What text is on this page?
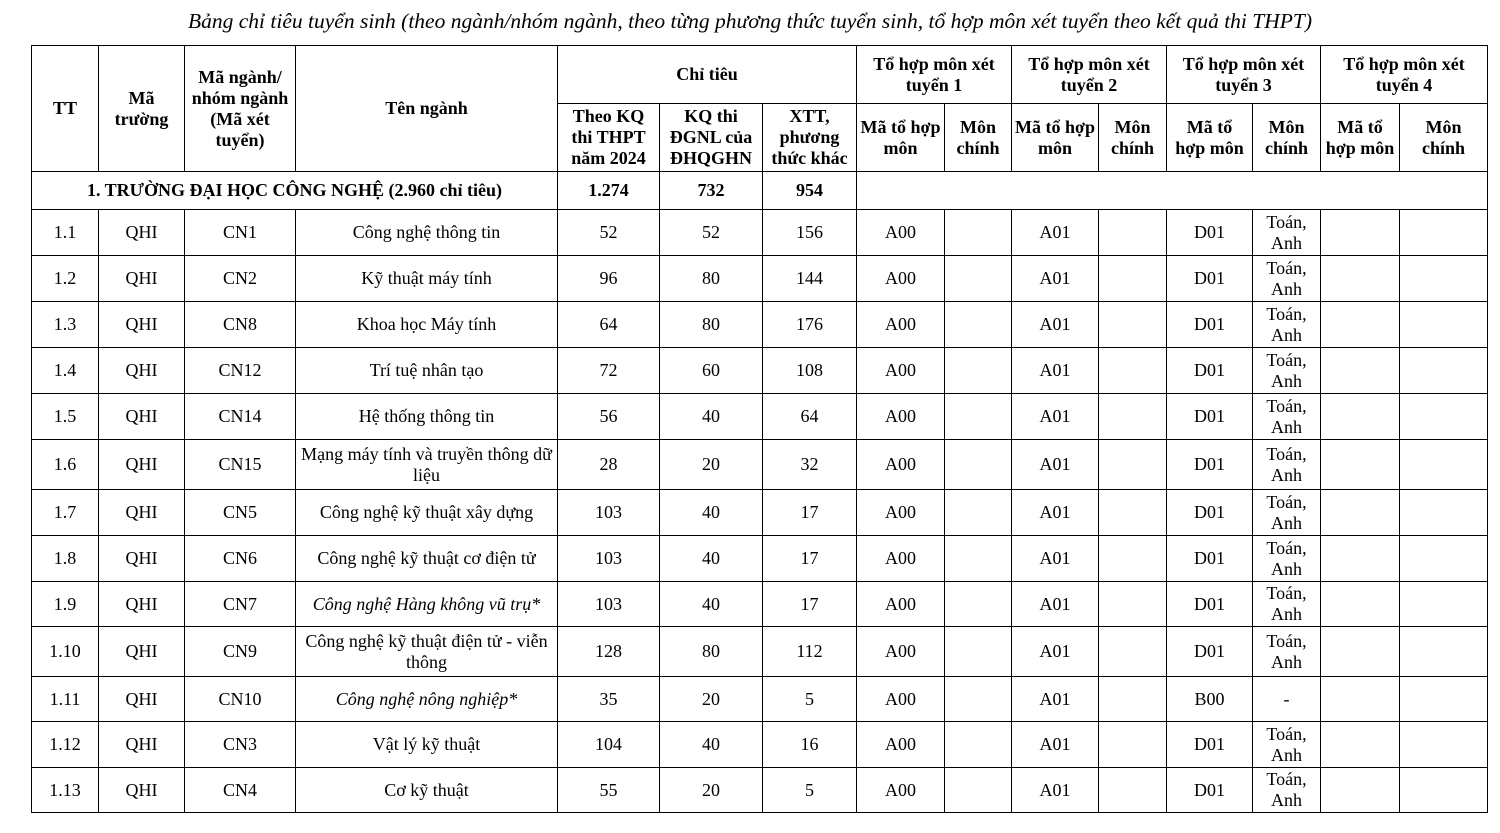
Bảng chỉ tiêu tuyển sinh (theo ngành/nhóm ngành, theo từng phương thức tuyển sinh, tổ hợp môn xét tuyển theo kết quả thi THPT)
TT	Mã trường	Mã ngành/ nhóm ngành (Mã xét tuyển)	Tên ngành	Chỉ tiêu			Tổ hợp môn xét tuyển 1		Tổ hợp môn xét tuyển 2		Tổ hợp môn xét tuyển 3		Tổ hợp môn xét tuyển 4	
				Theo KQ thi THPT năm 2024	KQ thi ĐGNL của ĐHQGHN	XTT, phương thức khác	Mã tổ hợp môn	Môn chính	Mã tổ hợp môn	Môn chính	Mã tổ hợp môn	Môn chính	Mã tổ hợp môn	Môn chính
1. TRƯỜNG ĐẠI HỌC CÔNG NGHỆ (2.960 chỉ tiêu)				1.274	732	954								
1.1	QHI	CN1	Công nghệ thông tin	52	52	156	A00		A01		D01	Toán, Anh		
1.2	QHI	CN2	Kỹ thuật máy tính	96	80	144	A00		A01		D01	Toán, Anh		
1.3	QHI	CN8	Khoa học Máy tính	64	80	176	A00		A01		D01	Toán, Anh		
1.4	QHI	CN12	Trí tuệ nhân tạo	72	60	108	A00		A01		D01	Toán, Anh		
1.5	QHI	CN14	Hệ thống thông tin	56	40	64	A00		A01		D01	Toán, Anh		
1.6	QHI	CN15	Mạng máy tính và truyền thông dữ liệu	28	20	32	A00		A01		D01	Toán, Anh		
1.7	QHI	CN5	Công nghệ kỹ thuật xây dựng	103	40	17	A00		A01		D01	Toán, Anh		
1.8	QHI	CN6	Công nghệ kỹ thuật cơ điện tử	103	40	17	A00		A01		D01	Toán, Anh		
1.9	QHI	CN7	Công nghệ Hàng không vũ trụ*	103	40	17	A00		A01		D01	Toán, Anh		
1.10	QHI	CN9	Công nghệ kỹ thuật điện tử - viễn thông	128	80	112	A00		A01		D01	Toán, Anh		
1.11	QHI	CN10	Công nghệ nông nghiệp*	35	20	5	A00		A01		B00	-		
1.12	QHI	CN3	Vật lý kỹ thuật	104	40	16	A00		A01		D01	Toán, Anh		
1.13	QHI	CN4	Cơ kỹ thuật	55	20	5	A00		A01		D01	Toán, Anh		
